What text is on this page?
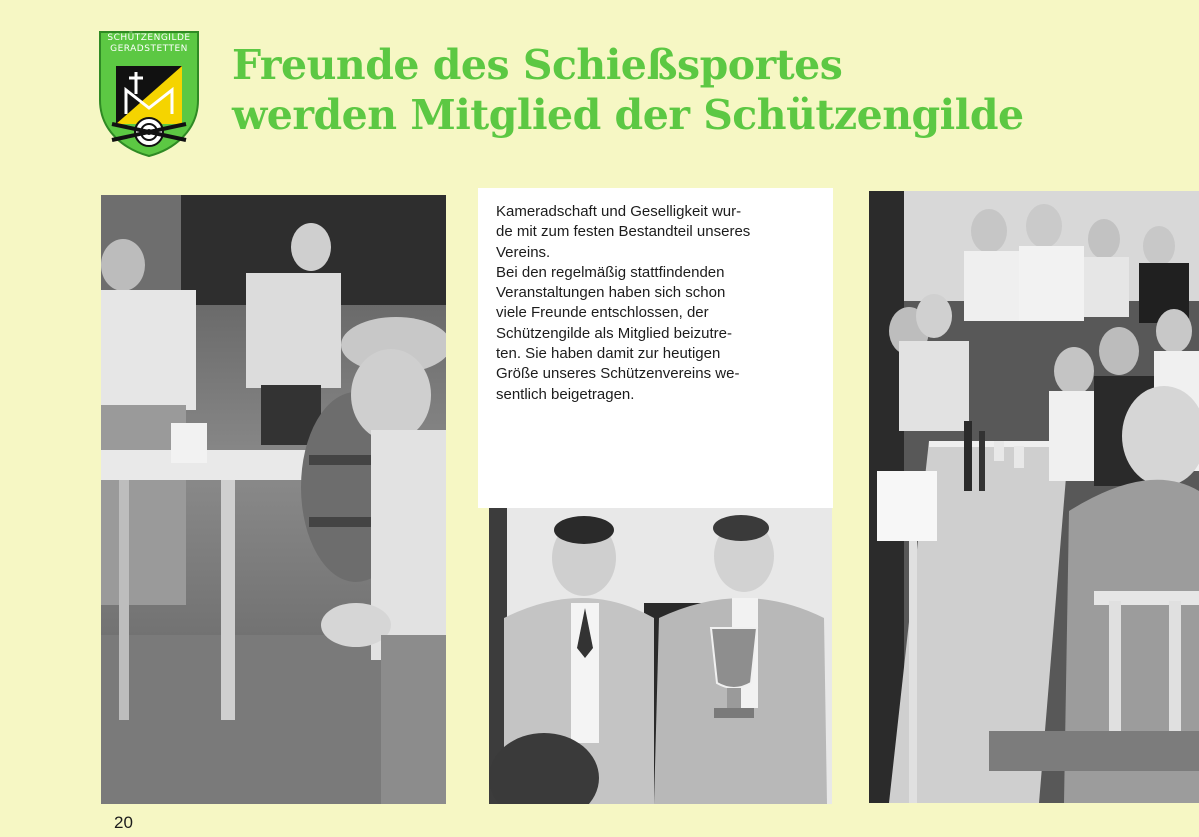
SCHÜTZENGILDE
GERADSTETTEN	Freunde des Schießsportes
werden Mitglied der Schützengilde

Kameradschaft und Geselligkeit wur-
de mit zum festen Bestandteil unseres
Vereins.
Bei den regelmäßig stattfindenden
Veranstaltungen haben sich schon
viele Freunde entschlossen, der
Schützengilde als Mitglied beizutre-
ten. Sie haben damit zur heutigen
Größe unseres Schützenvereins we-
sentlich beigetragen.

20
